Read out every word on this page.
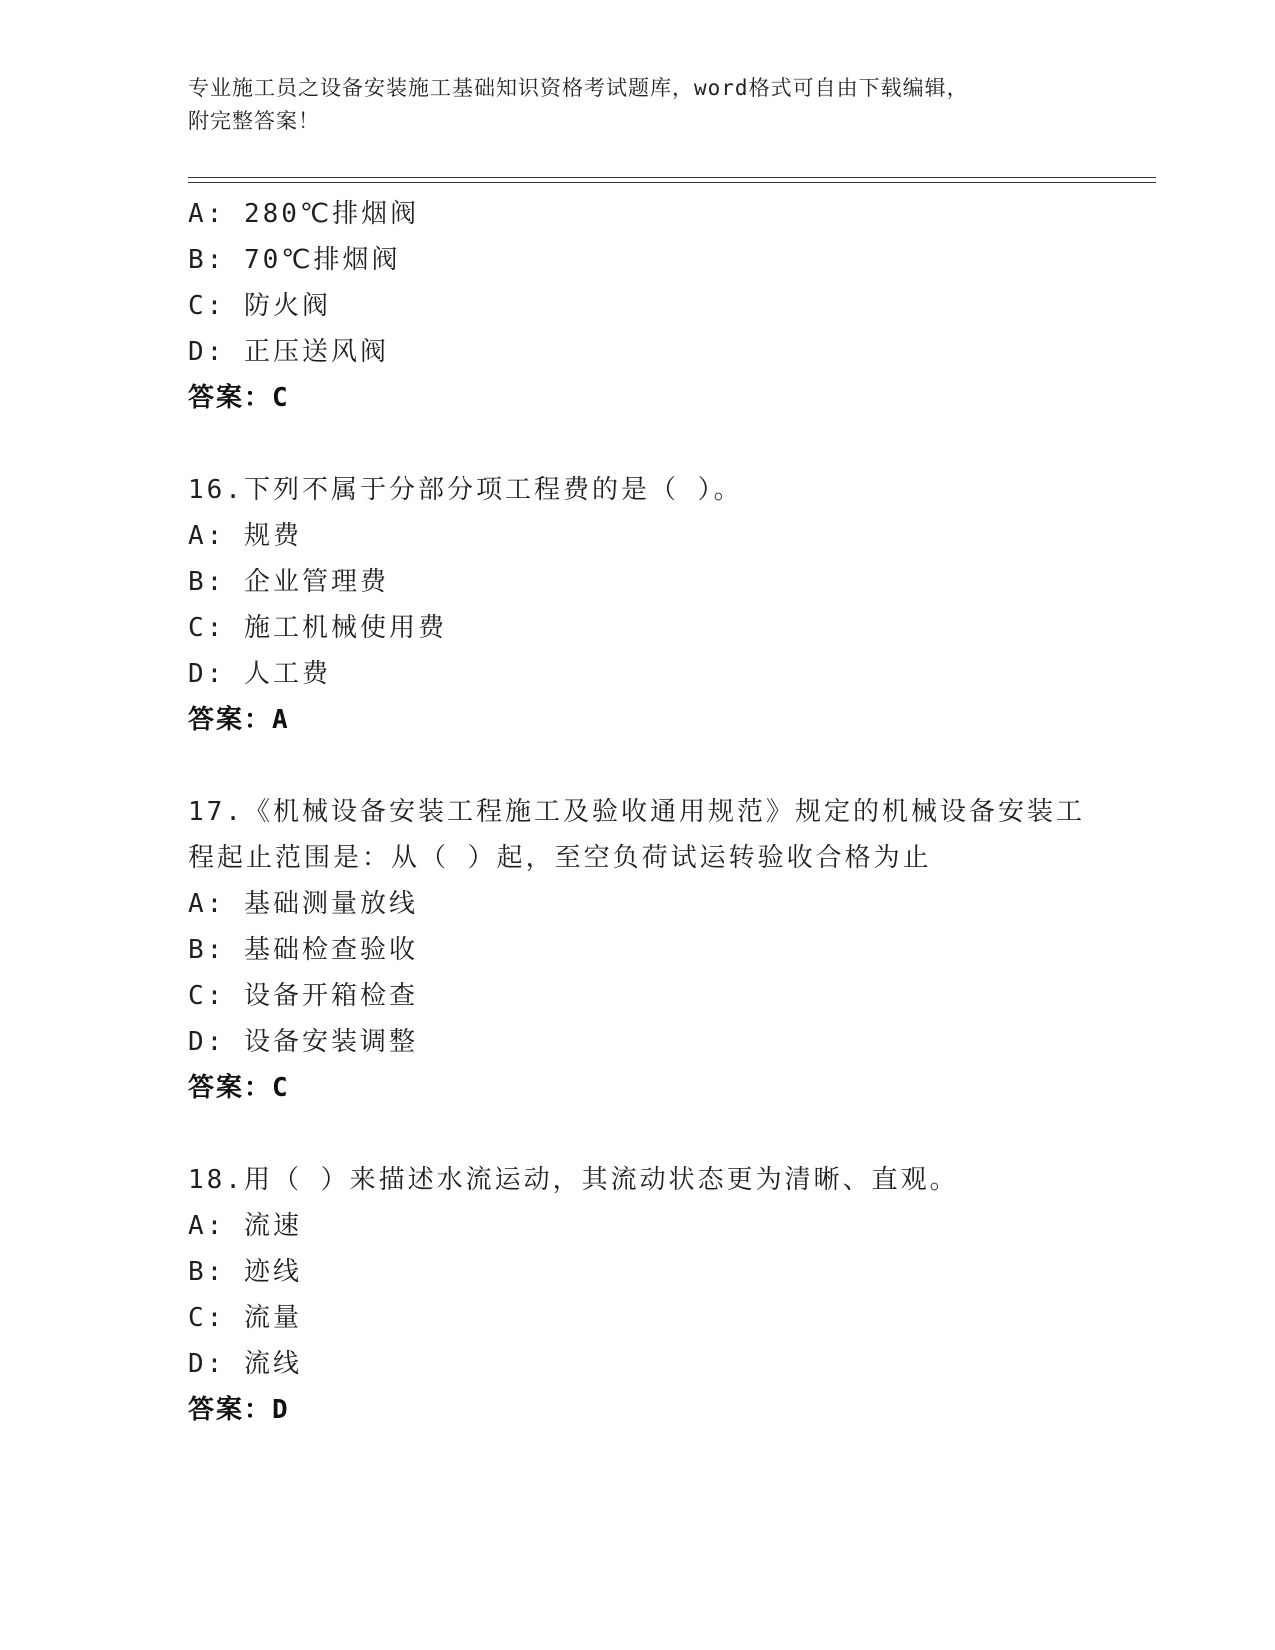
专业施工员之设备安装施工基础知识资格考试题库，word格式可自由下载编辑，
附完整答案！
A: 280℃排烟阀
B: 70℃排烟阀
C: 防火阀
D: 正压送风阀
答案：C
16.下列不属于分部分项工程费的是（ ）。
A: 规费
B: 企业管理费
C: 施工机械使用费
D: 人工费
答案：A
17.《机械设备安装工程施工及验收通用规范》规定的机械设备安装工
程起止范围是：从（ ）起，至空负荷试运转验收合格为止
A: 基础测量放线
B: 基础检查验收
C: 设备开箱检查
D: 设备安装调整
答案：C
18.用（ ）来描述水流运动，其流动状态更为清晰、直观。
A: 流速
B: 迹线
C: 流量
D: 流线
答案：D
